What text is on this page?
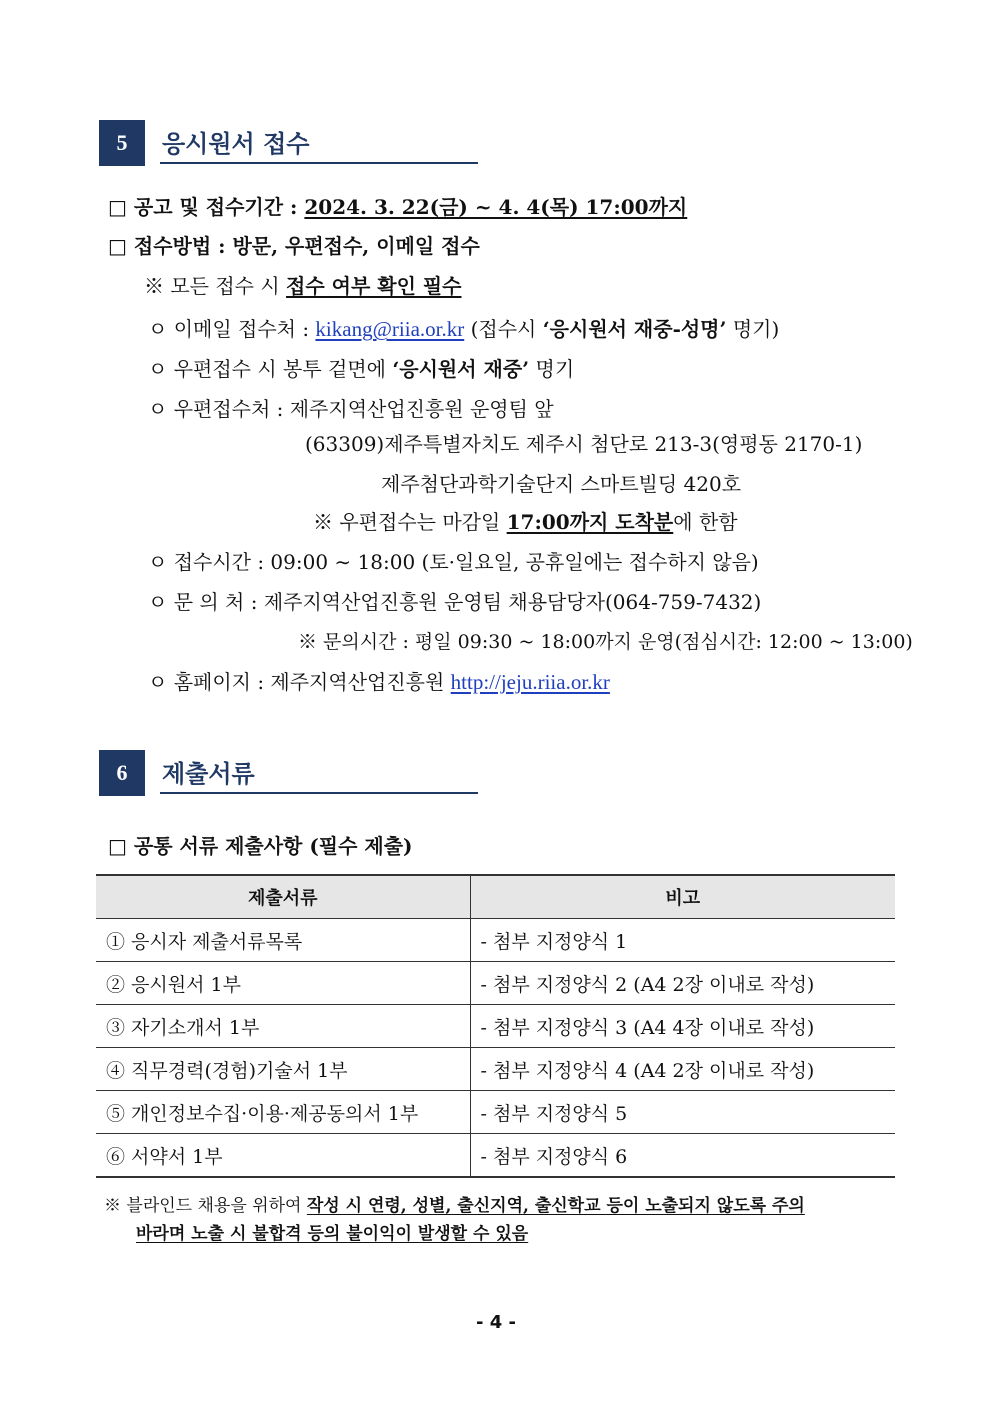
5	응시원서 접수
□ 공고 및 접수기간 : 2024. 3. 22(금) ~ 4. 4(목) 17:00까지
□ 접수방법 : 방문, 우편접수, 이메일 접수
※ 모든 접수 시 접수 여부 확인 필수
ㅇ 이메일 접수처 : kikang@riia.or.kr (접수시 ‘응시원서 재중-성명’ 명기)
ㅇ 우편접수 시 봉투 겉면에 ‘응시원서 재중’ 명기
ㅇ 우편접수처 : 제주지역산업진흥원 운영팀 앞
(63309)제주특별자치도 제주시 첨단로 213-3(영평동 2170-1)
제주첨단과학기술단지 스마트빌딩 420호
※ 우편접수는 마감일 17:00까지 도착분에 한함
ㅇ 접수시간 : 09:00 ∼ 18:00 (토·일요일, 공휴일에는 접수하지 않음)
ㅇ 문 의 처 : 제주지역산업진흥원 운영팀 채용담당자(064-759-7432)
※ 문의시간 : 평일 09:30 ~ 18:00까지 운영(점심시간: 12:00 ~ 13:00)
ㅇ 홈페이지 : 제주지역산업진흥원 http://jeju.riia.or.kr
6	제출서류
□ 공통 서류 제출사항 (필수 제출)
제출서류	비고
① 응시자 제출서류목록	- 첨부 지정양식 1
② 응시원서 1부	- 첨부 지정양식 2 (A4 2장 이내로 작성)
③ 자기소개서 1부	- 첨부 지정양식 3 (A4 4장 이내로 작성)
④ 직무경력(경험)기술서 1부	- 첨부 지정양식 4 (A4 2장 이내로 작성)
⑤ 개인정보수집·이용·제공동의서 1부	- 첨부 지정양식 5
⑥ 서약서 1부	- 첨부 지정양식 6
※ 블라인드 채용을 위하여 작성 시 연령, 성별, 출신지역, 출신학교 등이 노출되지 않도록 주의
바라며 노출 시 불합격 등의 불이익이 발생할 수 있음
- 4 -
